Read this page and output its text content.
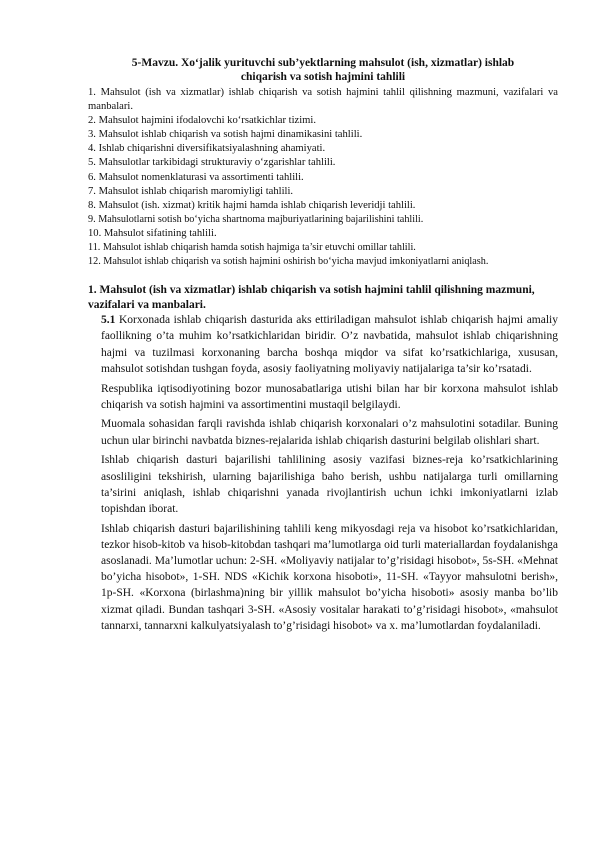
5-Mavzu. Xo‘jalik yurituvchi sub’yektlarning mahsulot (ish, xizmatlar) ishlab
chiqarish va sotish hajmini tahlili
1. Mahsulot (ish va xizmatlar) ishlab chiqarish va sotish hajmini tahlil qilishning mazmuni, vazifalari va manbalari.
2. Mahsulot hajmini ifodalovchi ko‘rsatkichlar tizimi.
3. Mahsulot ishlab chiqarish va sotish hajmi dinamikasini tahlili.
4. Ishlab chiqarishni diversifikatsiyalashning ahamiyati.
5. Mahsulotlar tarkibidagi strukturaviy o‘zgarishlar tahlili.
6. Mahsulot nomenklaturasi va assortimenti tahlili.
7. Mahsulot ishlab chiqarish maromiyligi tahlili.
8. Mahsulot (ish. xizmat) kritik hajmi hamda ishlab chiqarish leveridji tahlili.
9. Mahsulotlarni sotish bo‘yicha shartnoma majburiyatlarining bajarilishini tahlili.
10. Mahsulot sifatining tahlili.
11. Mahsulot ishlab chiqarish hamda sotish hajmiga ta’sir etuvchi omillar tahlili.
12. Mahsulot ishlab chiqarish va sotish hajmini oshirish bo‘yicha mavjud imkoniyatlarni aniqlash.
1. Mahsulot (ish va xizmatlar) ishlab chiqarish va sotish hajmini tahlil qilishning mazmuni, vazifalari va manbalari.

5.1 Korxonada ishlab chiqarish dasturida aks ettiriladigan mahsulot ishlab chiqarish hajmi amaliy faollikning o’ta muhim ko’rsatkichlaridan biridir. O’z navbatida, mahsulot ishlab chiqarishning hajmi va tuzilmasi korxonaning barcha boshqa miqdor va sifat ko’rsatkichlariga, xususan, mahsulot sotishdan tushgan foyda, asosiy faoliyatning moliyaviy natijalariga ta’sir ko’rsatadi.

Respublika iqtisodiyotining bozor munosabatlariga utishi bilan har bir korxona mahsulot ishlab chiqarish va sotish hajmini va assortimentini mustaqil belgilaydi.

Muomala sohasidan farqli ravishda ishlab chiqarish korxonalari o’z mahsulotini sotadilar. Buning uchun ular birinchi navbatda biznes-rejalarida ishlab chiqarish dasturini belgilab olishlari shart.

Ishlab chiqarish dasturi bajarilishi tahlilining asosiy vazifasi biznes-reja ko’rsatkichlarining asosliligini tekshirish, ularning bajarilishiga baho berish, ushbu natijalarga turli omillarning ta’sirini aniqlash, ishlab chiqarishni yanada rivojlantirish uchun ichki imkoniyatlarni izlab topishdan iborat.

Ishlab chiqarish dasturi bajarilishining tahlili keng mikyosdagi reja va hisobot ko’rsatkichlaridan, tezkor hisob-kitob va hisob-kitobdan tashqari ma’lumotlarga oid turli materiallardan foydalanishga asoslanadi. Ma’lumotlar uchun: 2-SH. «Moliyaviy natijalar to’g’risidagi hisobot», 5s-SH. «Mehnat bo’yicha hisobot», 1-SH. NDS «Kichik korxona hisoboti», 11-SH. «Tayyor mahsulotni berish», 1p-SH. «Korxona (birlashma)ning bir yillik mahsulot bo’yicha hisoboti» asosiy manba bo’lib xizmat qiladi. Bundan tashqari 3-SH. «Asosiy vositalar harakati to’g’risidagi hisobot», «mahsulot tannarxi, tannarxni kalkulyatsiyalash to’g’risidagi hisobot» va x. ma’lumotlardan foydalaniladi.
